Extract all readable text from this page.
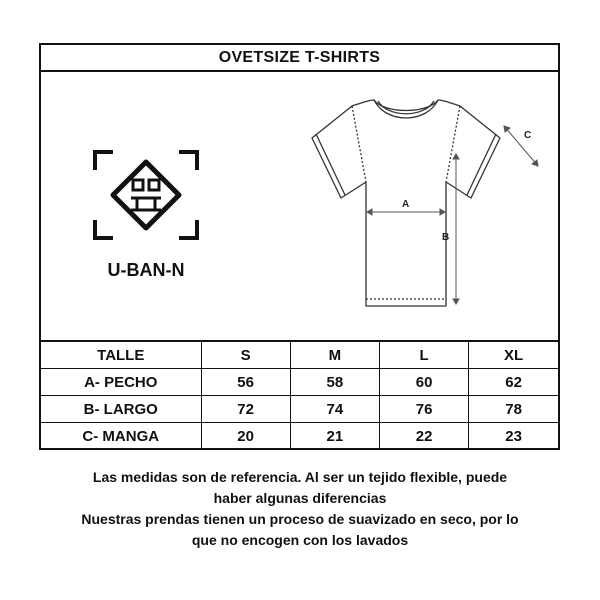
OVETSIZE T-SHIRTS
U-BAN-N
A
B
C
TALLE	S	M	L	XL
A- PECHO	56	58	60	62
B- LARGO	72	74	76	78
C- MANGA	20	21	22	23
Las medidas son de referencia. Al ser un tejido flexible, puede
haber algunas diferencias
Nuestras prendas tienen un proceso de suavizado en seco, por lo
que no encogen con los lavados
